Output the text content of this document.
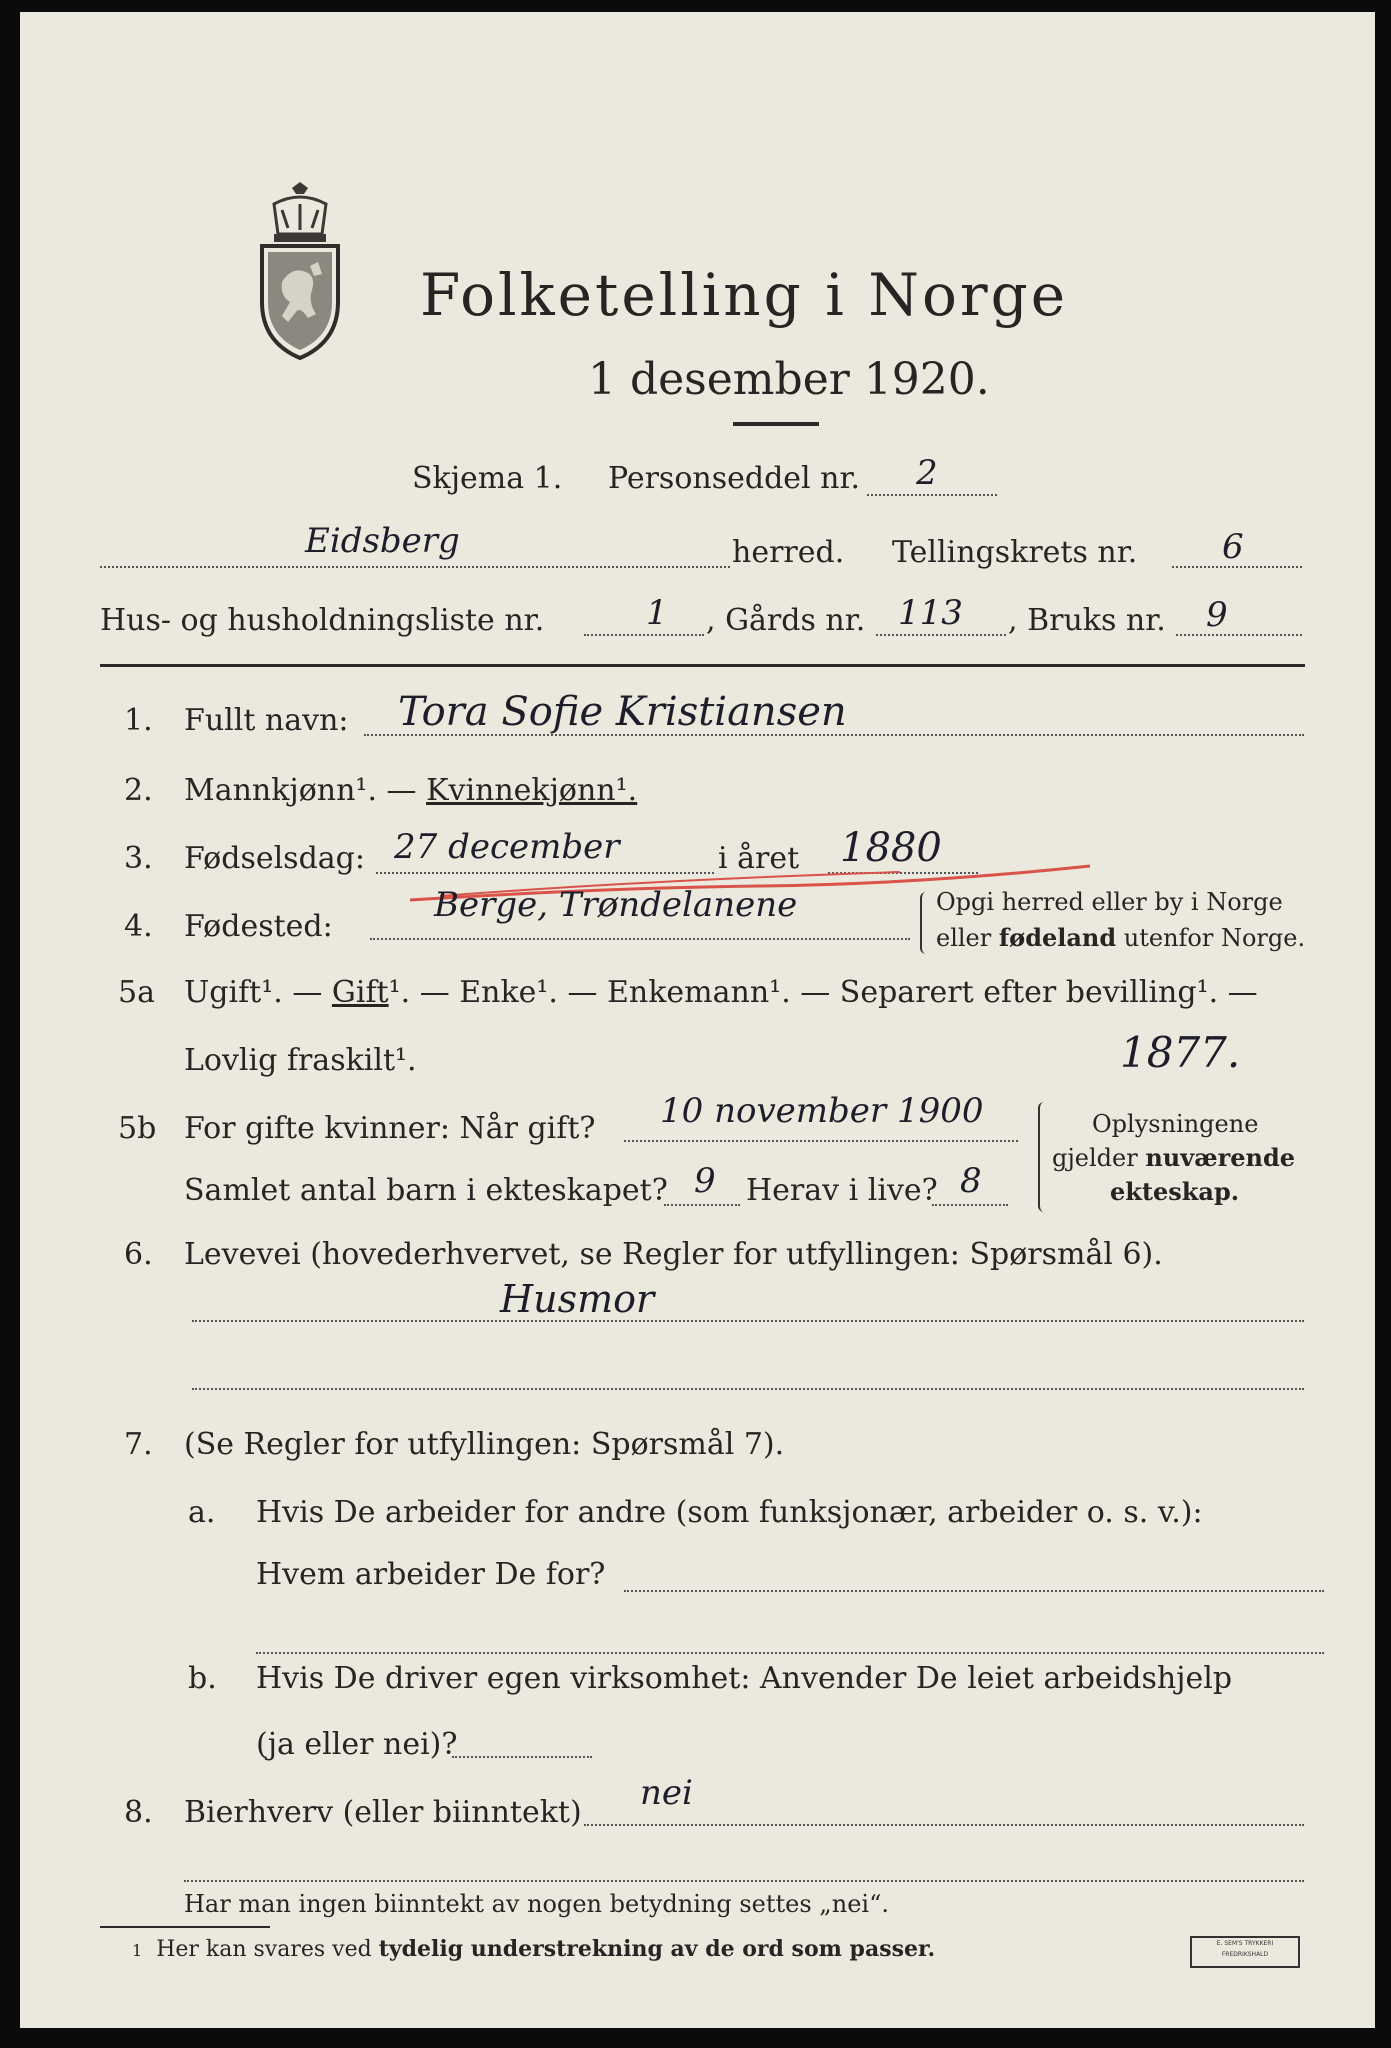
Folketelling i Norge
1 desember 1920.
Skjema 1. Personseddel nr. 2
Eidsberg	herred. Tellingskrets nr. 6
Hus- og husholdningsliste nr.	1 , Gårds nr. 113 , Bruks nr. 9
1. Fullt navn: Tora Sofie Kristiansen
2. Mannkjønn¹. — Kvinnekjønn¹.
3. Fødselsdag: 27 december	i året 1880
4. Fødested:
Berge, Trøndelanene	Opgi herred eller by i Norge
eller fødeland utenfor Norge.
5a Ugift¹. — Gift¹. — Enke¹. — Enkemann¹. — Separert efter bevilling¹. —
Lovlig fraskilt¹.	1877.
5b For gifte kvinner: Når gift? 10 november 1900
Samlet antal barn i ekteskapet? 9 Herav i live? 8
Oplysningene
gjelder nuværende
ekteskap.
6. Levevei (hovederhvervet, se Regler for utfyllingen: Spørsmål 6).
Husmor
7. (Se Regler for utfyllingen: Spørsmål 7).
a. Hvis De arbeider for andre (som funksjonær, arbeider o. s. v.):
Hvem arbeider De for?
b. Hvis De driver egen virksomhet: Anvender De leiet arbeidshjelp
(ja eller nei)?
8. Bierhverv (eller biinntekt) nei
Har man ingen biinntekt av nogen betydning settes „nei“.
1 Her kan svares ved tydelig understrekning av de ord som passer.	E. SEM'S TRYKKERI
FREDRIKSHALD
